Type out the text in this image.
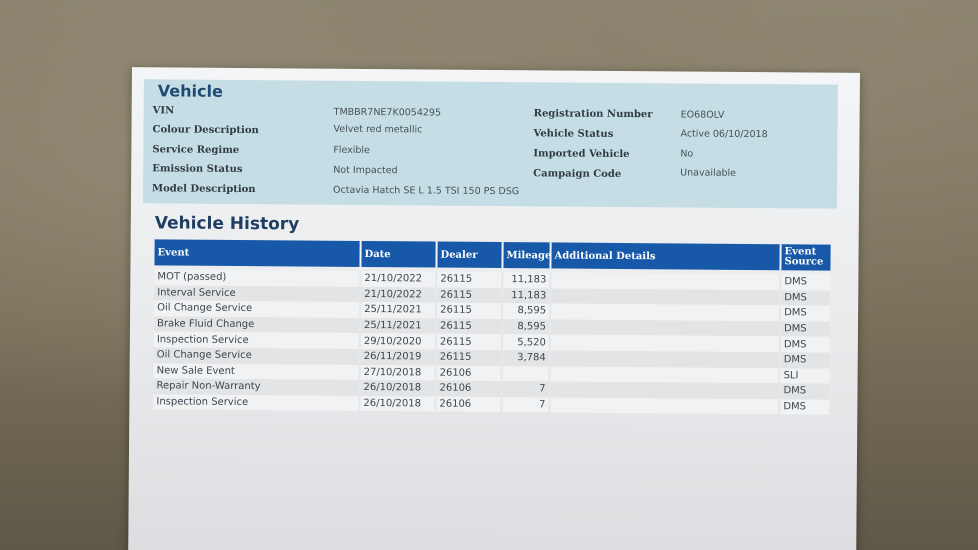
Vehicle
VIN	TMBBR7NE7K0054295
Colour Description	Velvet red metallic
Service Regime	Flexible
Emission Status	Not Impacted
Model Description	Octavia Hatch SE L 1.5 TSI 150 PS DSG
Registration Number	EO68OLV
Vehicle Status	Active 06/10/2018
Imported Vehicle	No
Campaign Code	Unavailable
Vehicle History
Event	Date	Dealer	Mileage	Additional Details	Event Source

MOT (passed)	21/10/2022	26115	11,183		DMS
Interval Service	21/10/2022	26115	11,183		DMS
Oil Change Service	25/11/2021	26115	8,595		DMS
Brake Fluid Change	25/11/2021	26115	8,595		DMS
Inspection Service	29/10/2020	26115	5,520		DMS
Oil Change Service	26/11/2019	26115	3,784		DMS
New Sale Event	27/10/2018	26106			SLI
Repair Non-Warranty	26/10/2018	26106	7		DMS
Inspection Service	26/10/2018	26106	7		DMS
